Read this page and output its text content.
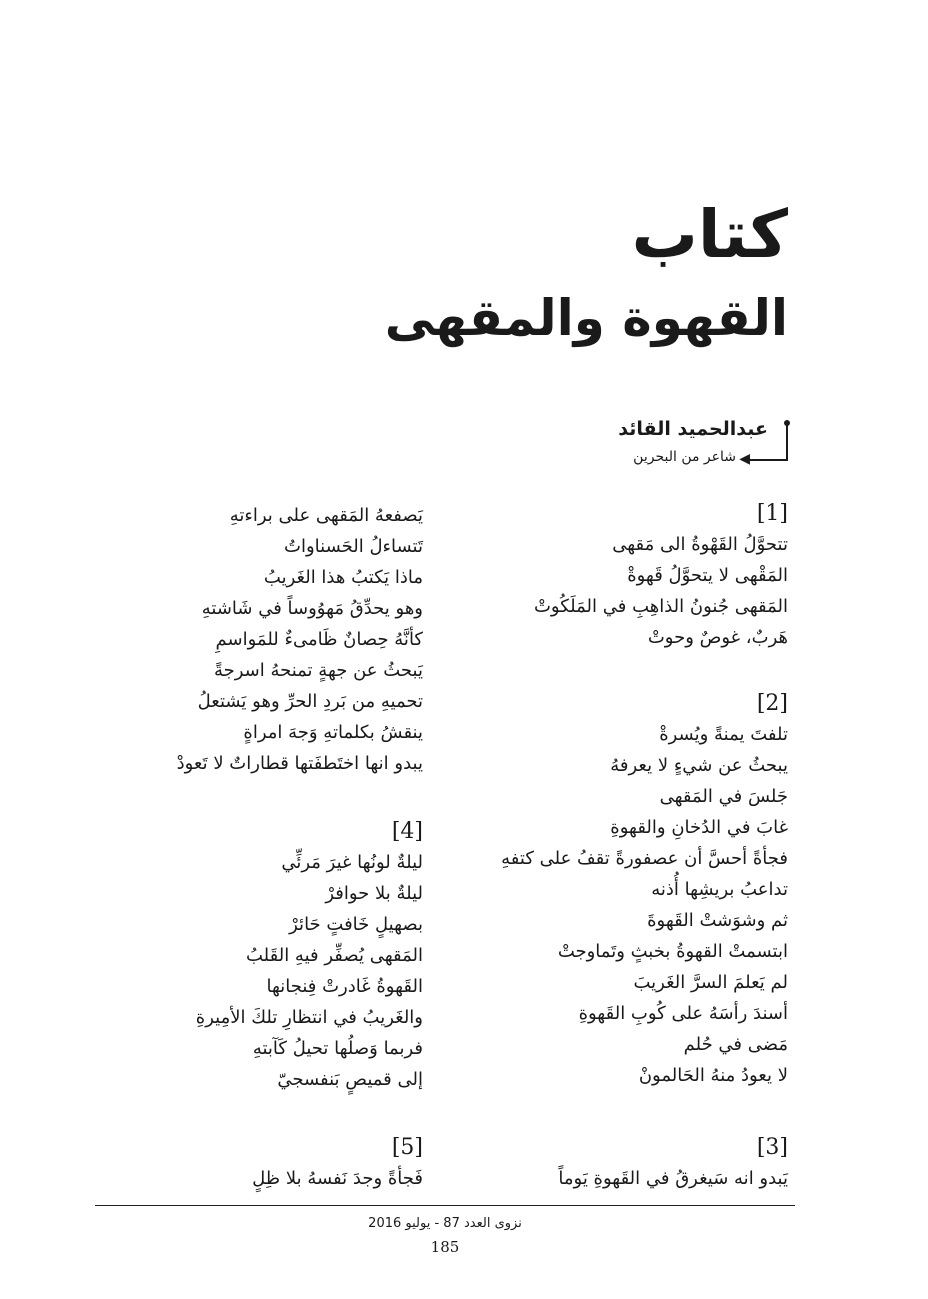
كتاب
القهوة والمقهى
◀
عبدالحميد القائد
شاعر من البحرين
[1]
تتحوَّلُ القَهْوةُ الى مَقهى
المَقْهى لا يتحوَّلُ قَهوةْ
المَقهى جُنونُ الذاهِبِ في المَلَكُوتْ
هَربٌ، غوصٌ وحوتْ
[2]
تلفتَ يمنةً ويُسرةْ
يبحثُ عن شيءٍ لا يعرفهُ
جَلسَ في المَقهى
غابَ في الدُخانِ والقهوةِ
فجأةً أحسَّ أن عصفورةً تقفُ على كتفهِ
تداعبُ بريشِها أُذنه
ثم وشوَشتْ القَهوةَ
ابتسمتْ القهوةُ بخبثٍ وتَماوجتْ
لم يَعلمَ السرَّ الغَريبَ
أسندَ رأسَهُ على كُوبِ القَهوةِ
مَضى في حُلم
لا يعودُ منهُ الحَالمونْ
[3]
يَبدو انه سَيغرقُ في القَهوةِ يَوماً
يَصفعهُ المَقهى على براءتهِ
تَتساءلُ الحَسناواتُ
ماذا يَكتبُ هذا الغَريبُ
وهو يحدِّقُ مَهوُوساً في شَاشتهِ
كأنَّهُ حِصانٌ ظَامىءٌ للمَواسمِ
يَبحثُ عن جهةٍ تمنحهُ اسرجةً
تحميهِ من بَردِ الحرِّ وهو يَشتعلُ
ينقشُ بكلماتهِ وَجهَ امراةٍ
يبدو انها اختَطفَتها قطاراتٌ لا تَعودْ
[4]
ليلةٌ لونُها غيرَ مَرئِّي
ليلةٌ بلا حوافرْ
بصهيلٍ خَافتٍ حَائرْ
المَقهى يُصفِّر فيهِ القَلبُ
القَهوةُ غَادرتْ فِنجانها
والغَريبُ في انتظارِ تلكَ الأمِيرةِ
فربما وَصلُها تحيلُ كَآبتهِ
إلى قميصٍ بَنفسجيّ
[5]
فَجأةً وجدَ نَفسهُ بلا ظِلٍ
نزوى العدد 87 - يوليو 2016
185
